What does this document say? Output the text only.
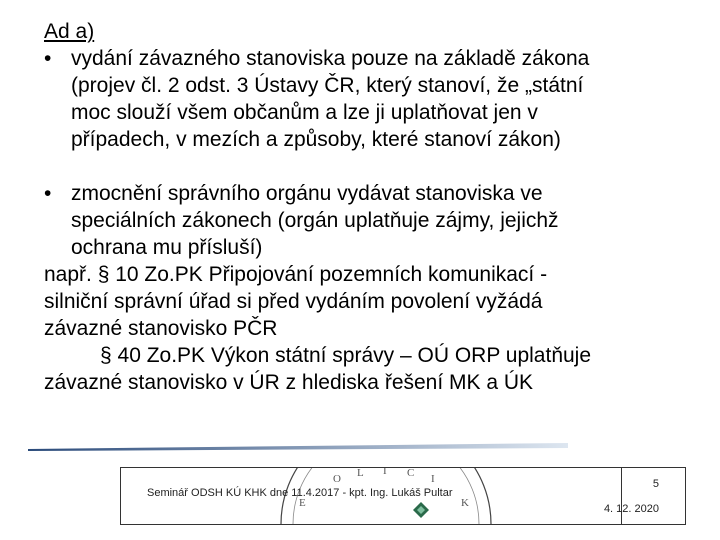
Ad a)

• vydání závazného stanoviska pouze na základě zákona
(projev čl. 2 odst. 3 Ústavy ČR, který stanoví, že „státní
moc slouží všem občanům a lze ji uplatňovat jen v
případech, v mezích a způsoby, které stanoví zákon)
• zmocnění správního orgánu vydávat stanoviska ve
speciálních zákonech (orgán uplatňuje zájmy, jejichž
ochrana mu přísluší)
např. § 10 Zo.PK Připojování pozemních komunikací -
silniční správní úřad si před vydáním povolení vyžádá
závazné stanovisko PČR
§ 40 Zo.PK Výkon státní správy – OÚ ORP uplatňuje
závazné stanovisko v ÚR z hlediska řešení MK a ÚK
O L I C I
E	K
Seminář ODSH KÚ KHK dne 11.4.2017 - kpt. Ing. Lukáš Pultar
5
4. 12. 2020
